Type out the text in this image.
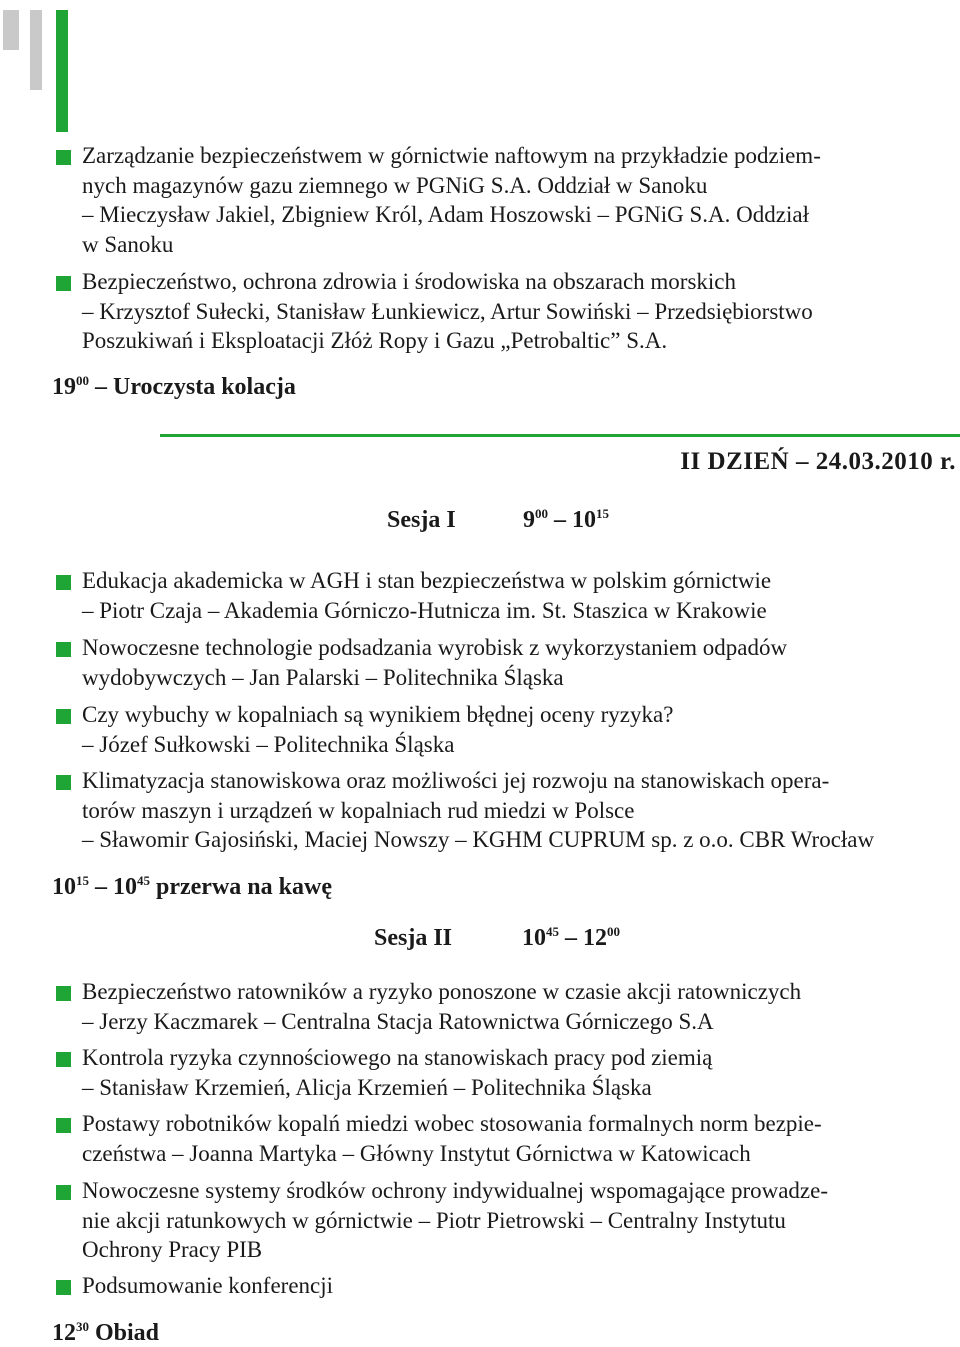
Zarządzanie bezpieczeństwem w górnictwie naftowym na przykładzie podziem-
nych magazynów gazu ziemnego w PGNiG S.A. Oddział w Sanoku
– Mieczysław Jakiel, Zbigniew Król, Adam Hoszowski – PGNiG S.A. Oddział
w Sanoku
Bezpieczeństwo, ochrona zdrowia i środowiska na obszarach morskich
– Krzysztof Sułecki, Stanisław Łunkiewicz, Artur Sowiński – Przedsiębiorstwo
Poszukiwań i Eksploatacji Złóż Ropy i Gazu „Petrobaltic” S.A.
$19^{00}$ – Uroczysta kolacja
II DZIEŃ – 24.03.2010 r.
Sesja I	$9^{00} - 10^{15}$
Edukacja akademicka w AGH i stan bezpieczeństwa w polskim górnictwie
– Piotr Czaja – Akademia Górniczo-Hutnicza im. St. Staszica w Krakowie
Nowoczesne technologie podsadzania wyrobisk z wykorzystaniem odpadów
wydobywczych – Jan Palarski – Politechnika Śląska
Czy wybuchy w kopalniach są wynikiem błędnej oceny ryzyka?
– Józef Sułkowski – Politechnika Śląska
Klimatyzacja stanowiskowa oraz możliwości jej rozwoju na stanowiskach opera-
torów maszyn i urządzeń w kopalniach rud miedzi w Polsce
– Sławomir Gajosiński, Maciej Nowszy – KGHM CUPRUM sp. z o.o. CBR Wrocław
$10^{15} - 10^{45}$ przerwa na kawę
Sesja II	$10^{45} - 12^{00}$
Bezpieczeństwo ratowników a ryzyko ponoszone w czasie akcji ratowniczych
– Jerzy Kaczmarek – Centralna Stacja Ratownictwa Górniczego S.A
Kontrola ryzyka czynnościowego na stanowiskach pracy pod ziemią
– Stanisław Krzemień, Alicja Krzemień – Politechnika Śląska
Postawy robotników kopalń miedzi wobec stosowania formalnych norm bezpie-
czeństwa – Joanna Martyka – Główny Instytut Górnictwa w Katowicach
Nowoczesne systemy środków ochrony indywidualnej wspomagające prowadze-
nie akcji ratunkowych w górnictwie – Piotr Pietrowski – Centralny Instytutu
Ochrony Pracy PIB
Podsumowanie konferencji
$12^{30}$ Obiad
